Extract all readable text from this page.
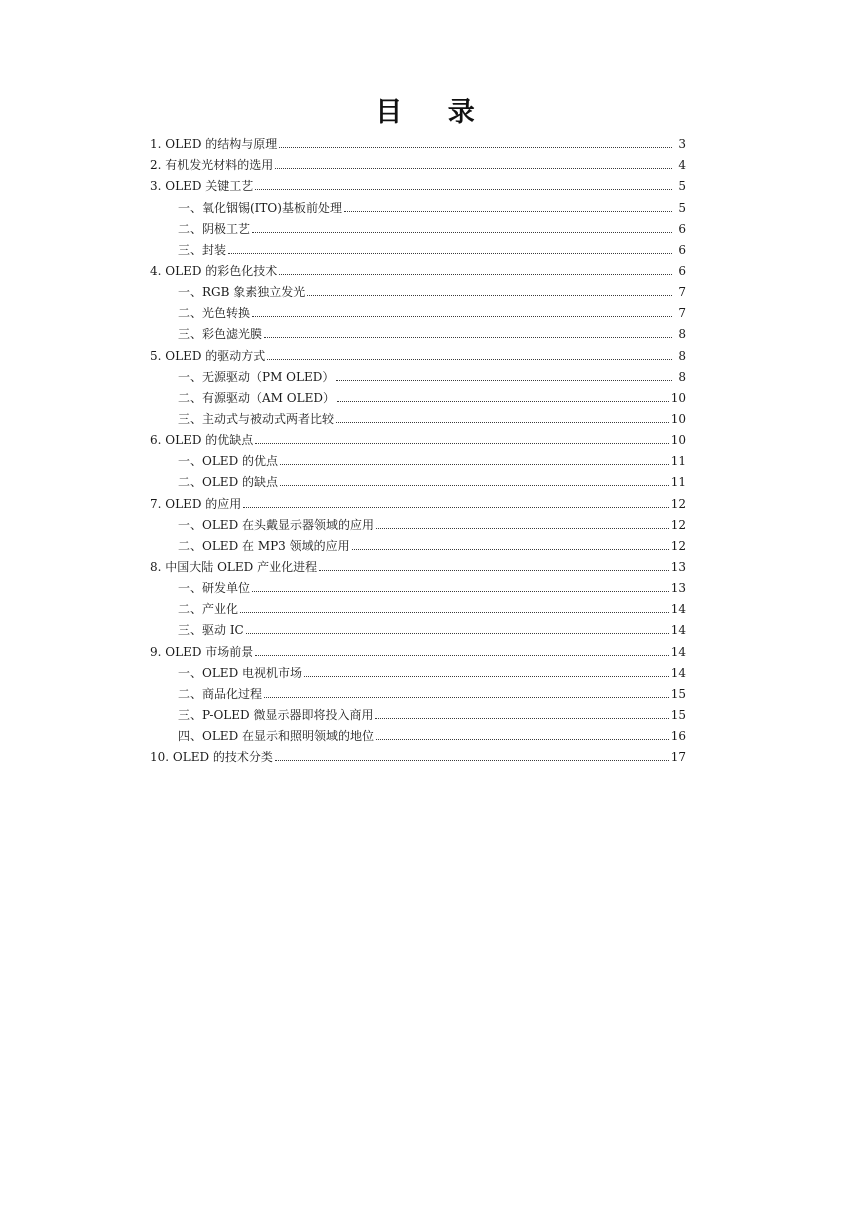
目 录
1. OLED 的结构与原理	3
2. 有机发光材料的选用	4
3. OLED 关键工艺	5
一、氧化铟锡(ITO)基板前处理	5
二、阴极工艺	6
三、封装	6
4. OLED 的彩色化技术	6
一、RGB 象素独立发光	7
二、光色转换	7
三、彩色滤光膜	8
5. OLED 的驱动方式	8
一、无源驱动（PM OLED）	8
二、有源驱动（AM OLED）	10
三、主动式与被动式两者比较	10
6. OLED 的优缺点	10
一、OLED 的优点	11
二、OLED 的缺点	11
7. OLED 的应用	12
一、OLED 在头戴显示器领域的应用	12
二、OLED 在 MP3 领域的应用	12
8. 中国大陆 OLED 产业化进程	13
一、研发单位	13
二、产业化	14
三、驱动 IC	14
9. OLED 市场前景	14
一、OLED 电视机市场	14
二、商品化过程	15
三、P-OLED 微显示器即将投入商用	15
四、OLED 在显示和照明领域的地位	16
10. OLED 的技术分类	17
